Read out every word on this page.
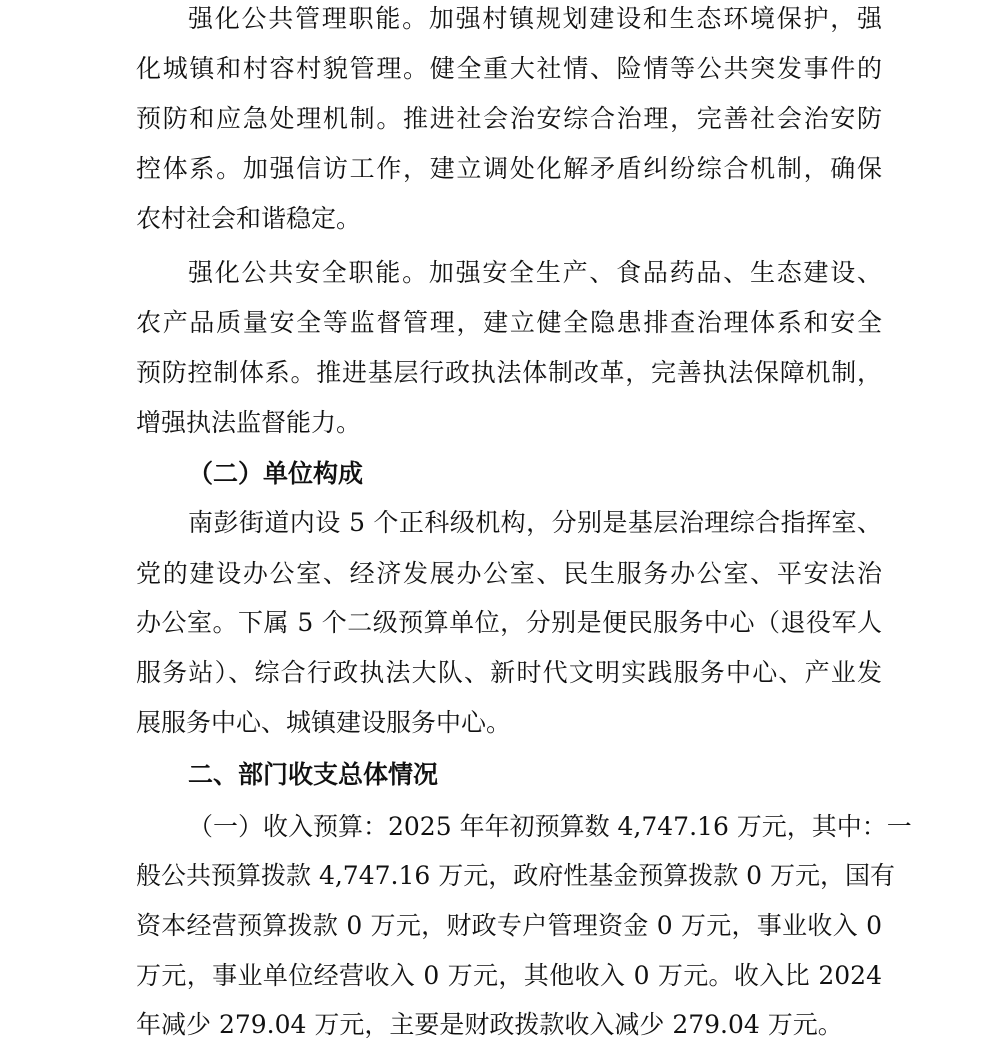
强化公共管理职能。加强村镇规划建设和生态环境保护，强
化城镇和村容村貌管理。健全重大社情、险情等公共突发事件的
预防和应急处理机制。推进社会治安综合治理，完善社会治安防
控体系。加强信访工作，建立调处化解矛盾纠纷综合机制，确保
农村社会和谐稳定。
强化公共安全职能。加强安全生产、食品药品、生态建设、
农产品质量安全等监督管理，建立健全隐患排查治理体系和安全
预防控制体系。推进基层行政执法体制改革，完善执法保障机制，
增强执法监督能力。
（二）单位构成
南彭街道内设 5 个正科级机构，分别是基层治理综合指挥室、
党的建设办公室、经济发展办公室、民生服务办公室、平安法治
办公室。下属 5 个二级预算单位，分别是便民服务中心（退役军人
服务站）、综合行政执法大队、新时代文明实践服务中心、产业发
展服务中心、城镇建设服务中心。
二、部门收支总体情况
（一）收入预算：2025 年年初预算数 4,747.16 万元，其中：一
般公共预算拨款 4,747.16 万元，政府性基金预算拨款 0 万元，国有
资本经营预算拨款 0 万元，财政专户管理资金 0 万元，事业收入 0
万元，事业单位经营收入 0 万元，其他收入 0 万元。收入比 2024
年减少 279.04 万元，主要是财政拨款收入减少 279.04 万元。
